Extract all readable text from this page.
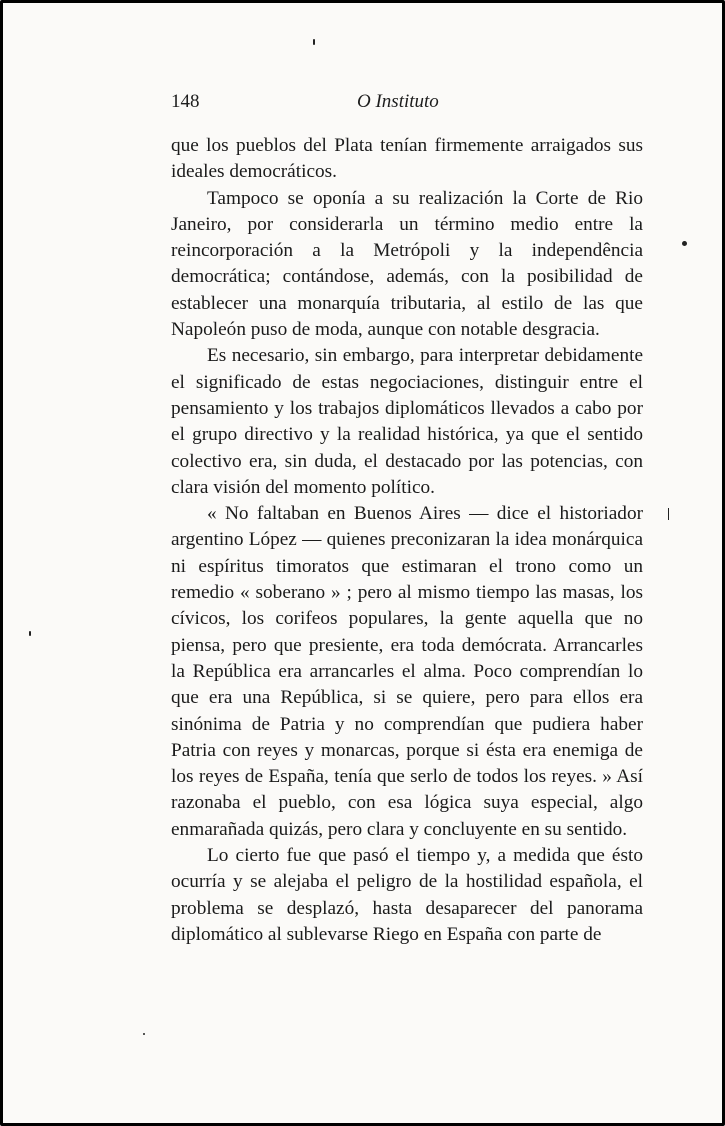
148	O Instituto

que los pueblos del Plata tenían firmemente arraigados sus ideales democráticos.

Tampoco se oponía a su realización la Corte de Rio Janeiro, por considerarla un término medio entre la reincorporación a la Metrópoli y la independência democrática; contándose, además, con la posibilidad de establecer una monarquía tributaria, al estilo de las que Napoleón puso de moda, aunque con notable desgracia.

Es necesario, sin embargo, para interpretar debidamente el significado de estas negociaciones, distinguir entre el pensamiento y los trabajos diplomáticos llevados a cabo por el grupo directivo y la realidad histórica, ya que el sentido colectivo era, sin duda, el destacado por las potencias, con clara visión del momento político.

« No faltaban en Buenos Aires — dice el historiador argentino López — quienes preconizaran la idea monárquica ni espíritus timoratos que estimaran el trono como un remedio « soberano » ; pero al mismo tiempo las masas, los cívicos, los corifeos populares, la gente aquella que no piensa, pero que presiente, era toda demócrata. Arrancarles la República era arrancarles el alma. Poco comprendían lo que era una República, si se quiere, pero para ellos era sinónima de Patria y no comprendían que pudiera haber Patria con reyes y monarcas, porque si ésta era enemiga de los reyes de España, tenía que serlo de todos los reyes. » Así razonaba el pueblo, con esa lógica suya especial, algo enmarañada quizás, pero clara y concluyente en su sentido.

Lo cierto fue que pasó el tiempo y, a medida que ésto ocurría y se alejaba el peligro de la hostilidad española, el problema se desplazó, hasta desaparecer del panorama diplomático al sublevarse Riego en España con parte de
